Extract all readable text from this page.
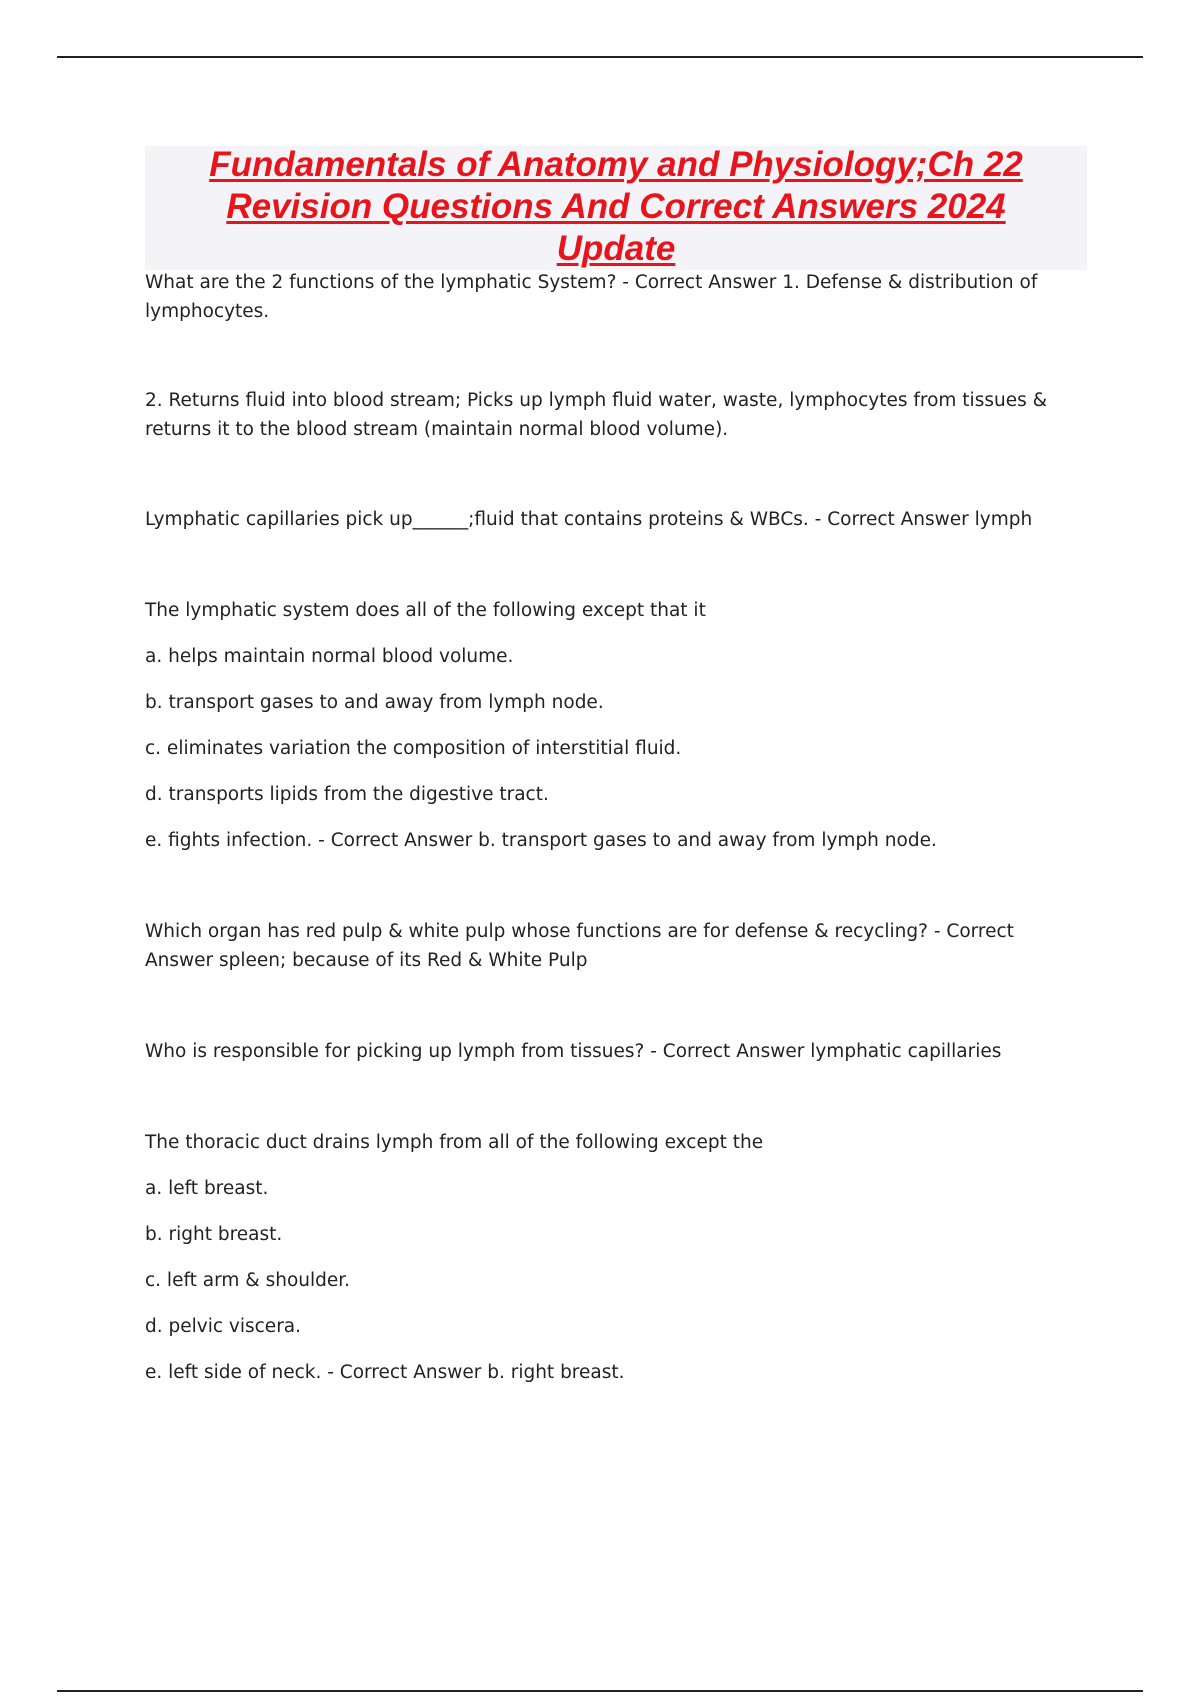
Fundamentals of Anatomy and Physiology;Ch 22
Revision Questions And Correct Answers 2024
Update

What are the 2 functions of the lymphatic System? - Correct Answer 1. Defense & distribution of lymphocytes.

2. Returns fluid into blood stream; Picks up lymph fluid water, waste, lymphocytes from tissues & returns it to the blood stream (maintain normal blood volume).

Lymphatic capillaries pick up______;fluid that contains proteins & WBCs. - Correct Answer lymph

The lymphatic system does all of the following except that it

a. helps maintain normal blood volume.

b. transport gases to and away from lymph node.

c. eliminates variation the composition of interstitial fluid.

d. transports lipids from the digestive tract.

e. fights infection. - Correct Answer b. transport gases to and away from lymph node.

Which organ has red pulp & white pulp whose functions are for defense & recycling? - Correct Answer spleen; because of its Red & White Pulp

Who is responsible for picking up lymph from tissues? - Correct Answer lymphatic capillaries

The thoracic duct drains lymph from all of the following except the

a. left breast.

b. right breast.

c. left arm & shoulder.

d. pelvic viscera.

e. left side of neck. - Correct Answer b. right breast.
